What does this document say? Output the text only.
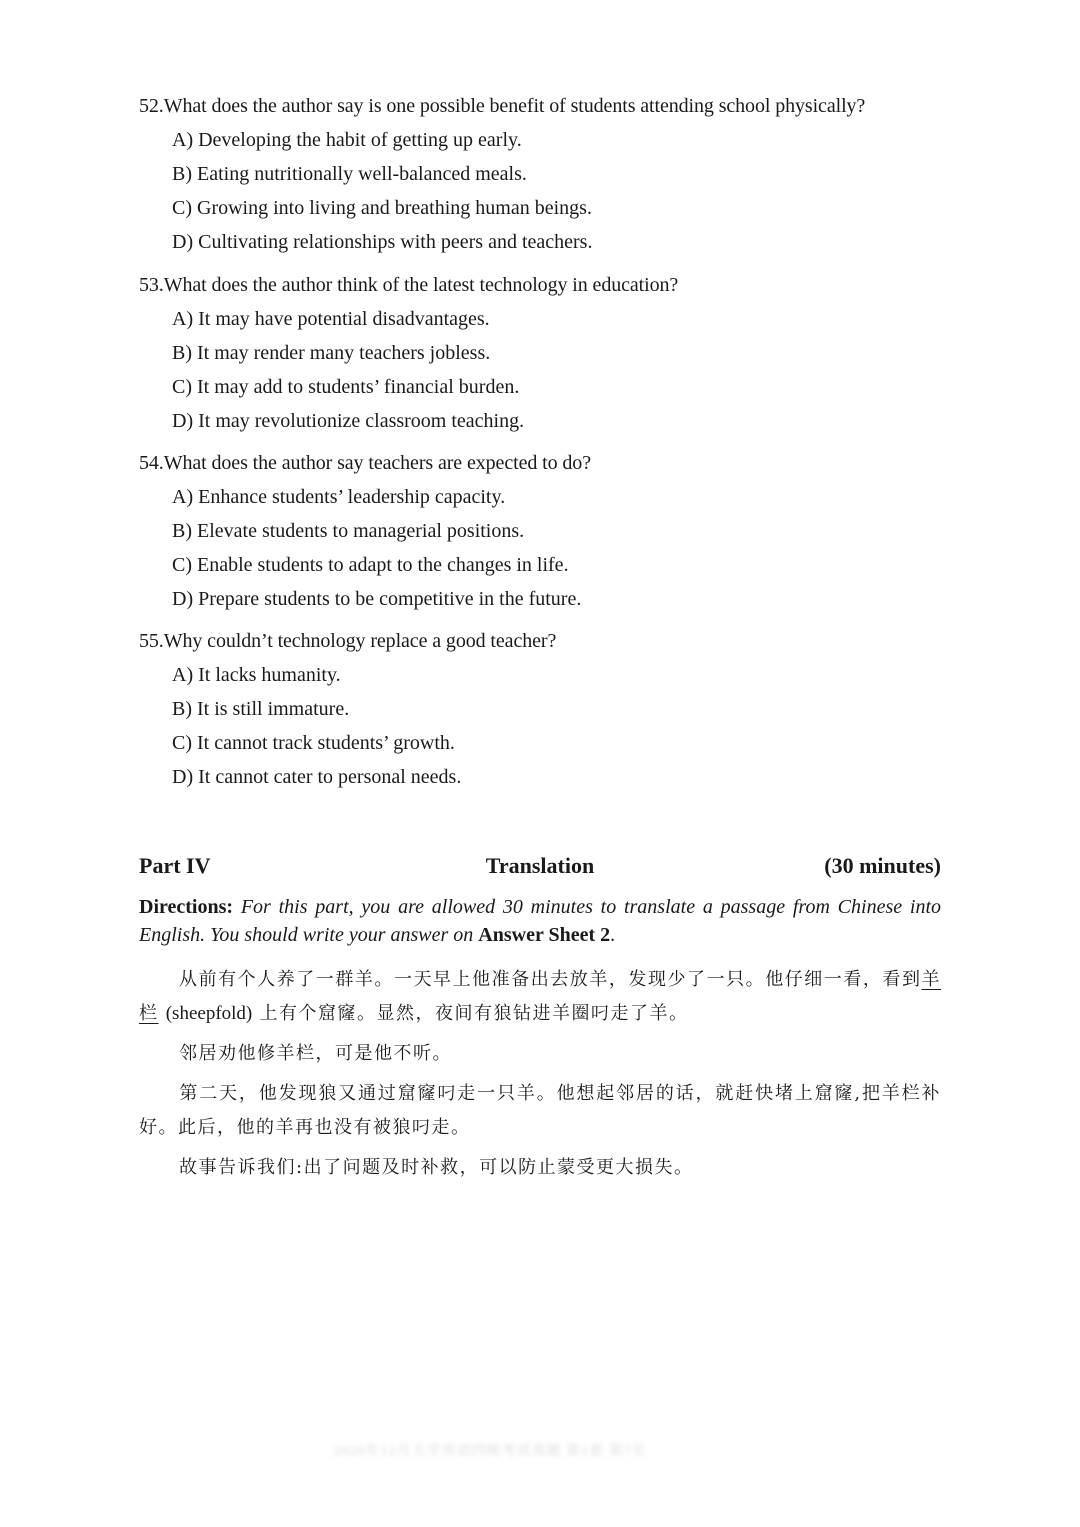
52.What does the author say is one possible benefit of students attending school physically?
A) Developing the habit of getting up early.
B) Eating nutritionally well-balanced meals.
C) Growing into living and breathing human beings.
D) Cultivating relationships with peers and teachers.
53.What does the author think of the latest technology in education?
A) It may have potential disadvantages.
B) It may render many teachers jobless.
C) It may add to students’ financial burden.
D) It may revolutionize classroom teaching.
54.What does the author say teachers are expected to do?
A) Enhance students’ leadership capacity.
B) Elevate students to managerial positions.
C) Enable students to adapt to the changes in life.
D) Prepare students to be competitive in the future.
55.Why couldn’t technology replace a good teacher?
A) It lacks humanity.
B) It is still immature.
C) It cannot track students’ growth.
D) It cannot cater to personal needs.
Part IV	Translation	(30 minutes)
Directions: For this part, you are allowed 30 minutes to translate a passage from Chinese into English. You should write your answer on Answer Sheet 2.
从前有个人养了一群羊。一天早上他准备出去放羊，发现少了一只。他仔细一看，看到羊栏 (sheepfold) 上有个窟窿。显然，夜间有狼钻进羊圈叼走了羊。
邻居劝他修羊栏，可是他不听。
第二天，他发现狼又通过窟窿叼走一只羊。他想起邻居的话，就赶快堵上窟窿,把羊栏补好。此后，他的羊再也没有被狼叼走。
故事告诉我们:出了问题及时补救，可以防止蒙受更大损失。
2020年12月大学英语四级考试真题 第1套 第7页
